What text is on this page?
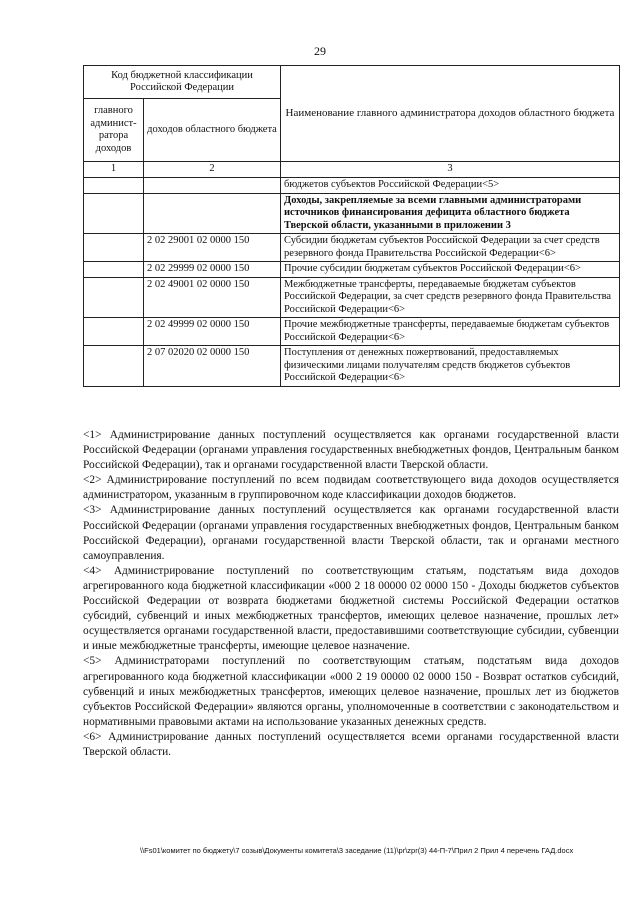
29
Код бюджетной классификации Российской Федерации		Наименование главного администратора доходов областного бюджета
главного админист-ратора доходов	доходов областного бюджета	
1	2	3
		бюджетов субъектов Российской Федерации<5>
		Доходы, закрепляемые за всеми главными администраторами источников финансирования дефицита областного бюджета Тверской области, указанными в приложении 3
	2 02 29001 02 0000 150	Субсидии бюджетам субъектов Российской Федерации за счет средств резервного фонда Правительства Российской Федерации<6>
	2 02 29999 02 0000 150	Прочие субсидии бюджетам субъектов Российской Федерации<6>
	2 02 49001 02 0000 150	Межбюджетные трансферты, передаваемые бюджетам субъектов Российской Федерации, за счет средств резервного фонда Правительства Российской Федерации<6>
	2 02 49999 02 0000 150	Прочие межбюджетные трансферты, передаваемые бюджетам субъектов Российской Федерации<6>
	2 07 02020 02 0000 150	Поступления от денежных пожертвований, предоставляемых физическими лицами получателям средств бюджетов субъектов Российской Федерации<6>

<1> Администрирование данных поступлений осуществляется как органами государственной власти Российской Федерации (органами управления государственных внебюджетных фондов, Центральным банком Российской Федерации), так и органами государственной власти Тверской области.

<2> Администрирование поступлений по всем подвидам соответствующего вида доходов осуществляется администратором, указанным в группировочном коде классификации доходов бюджетов.

<3> Администрирование данных поступлений осуществляется как органами государственной власти Российской Федерации (органами управления государственных внебюджетных фондов, Центральным банком Российской Федерации), органами государственной власти Тверской области, так и органами местного самоуправления.

<4> Администрирование поступлений по соответствующим статьям, подстатьям вида доходов агрегированного кода бюджетной классификации «000 2 18 00000 02 0000 150 - Доходы бюджетов субъектов Российской Федерации от возврата бюджетами бюджетной системы Российской Федерации остатков субсидий, субвенций и иных межбюджетных трансфертов, имеющих целевое назначение, прошлых лет» осуществляется органами государственной власти, предоставившими соответствующие субсидии, субвенции и иные межбюджетные трансферты, имеющие целевое назначение.

<5> Администраторами поступлений по соответствующим статьям, подстатьям вида доходов агрегированного кода бюджетной классификации «000 2 19 00000 02 0000 150 - Возврат остатков субсидий, субвенций и иных межбюджетных трансфертов, имеющих целевое назначение, прошлых лет из бюджетов субъектов Российской Федерации» являются органы, уполномоченные в соответствии с законодательством и нормативными правовыми актами на использование указанных денежных средств.

<6> Администрирование данных поступлений осуществляется всеми органами государственной власти Тверской области.

\\Fs01\комитет по бюджету\7 созыв\Документы комитета\3 заседание (11)\pr\zpr(3) 44-П-7\Прил 2 Прил 4 перечень ГАД.docx
